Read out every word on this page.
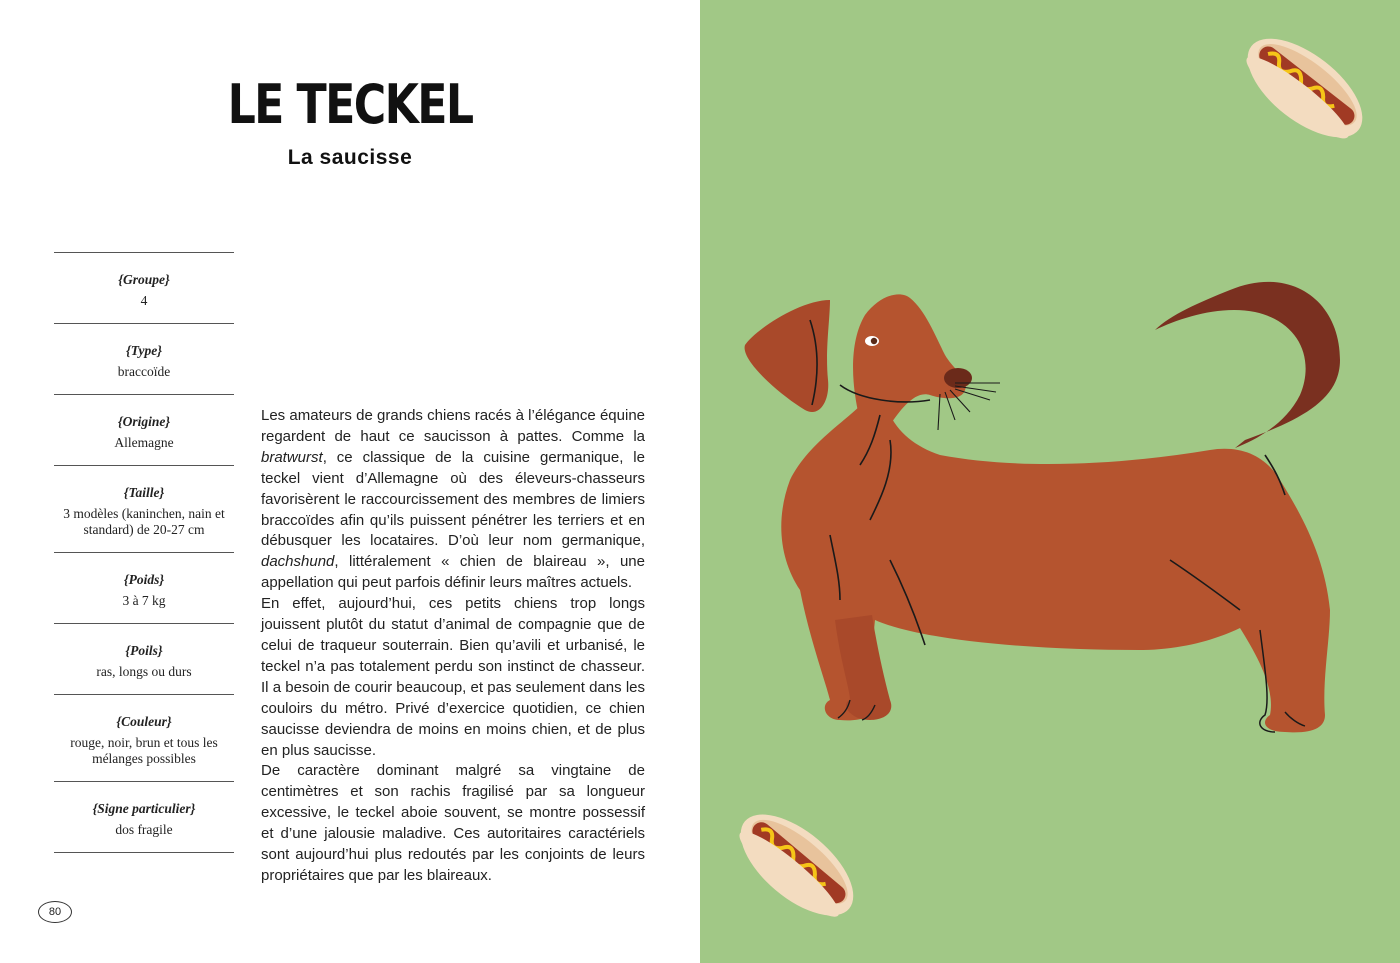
LE TECKEL
La saucisse
{Groupe}
4
{Type}
braccoïde
{Origine}
Allemagne
{Taille}
3 modèles (kaninchen, nain et standard) de 20-27 cm
{Poids}
3 à 7 kg
{Poils}
ras, longs ou durs
{Couleur}
rouge, noir, brun et tous les mélanges possibles
{Signe particulier}
dos fragile

Les amateurs de grands chiens racés à l’élégance équine regardent de haut ce saucisson à pattes. Comme la bratwurst, ce classique de la cuisine germanique, le teckel vient d’Allemagne où des éleveurs-chasseurs favorisèrent le raccourcissement des membres de limiers braccoïdes afin qu’ils puissent pénétrer les terriers et en débusquer les locataires. D’où leur nom germanique, dachshund, littéralement « chien de blaireau », une appellation qui peut parfois définir leurs maîtres actuels.

En effet, aujourd’hui, ces petits chiens trop longs jouissent plutôt du statut d’animal de compagnie que de celui de traqueur souterrain. Bien qu’avili et urbanisé, le teckel n’a pas totalement perdu son instinct de chasseur. Il a besoin de courir beaucoup, et pas seulement dans les couloirs du métro. Privé d’exercice quotidien, ce chien saucisse deviendra de moins en moins chien, et de plus en plus saucisse.

De caractère dominant malgré sa vingtaine de centimètres et son rachis fragilisé par sa longueur excessive, le teckel aboie souvent, se montre possessif et d’une jalousie maladive. Ces autoritaires caractériels sont aujourd’hui plus redoutés par les conjoints de leurs propriétaires que par les blaireaux.

80
